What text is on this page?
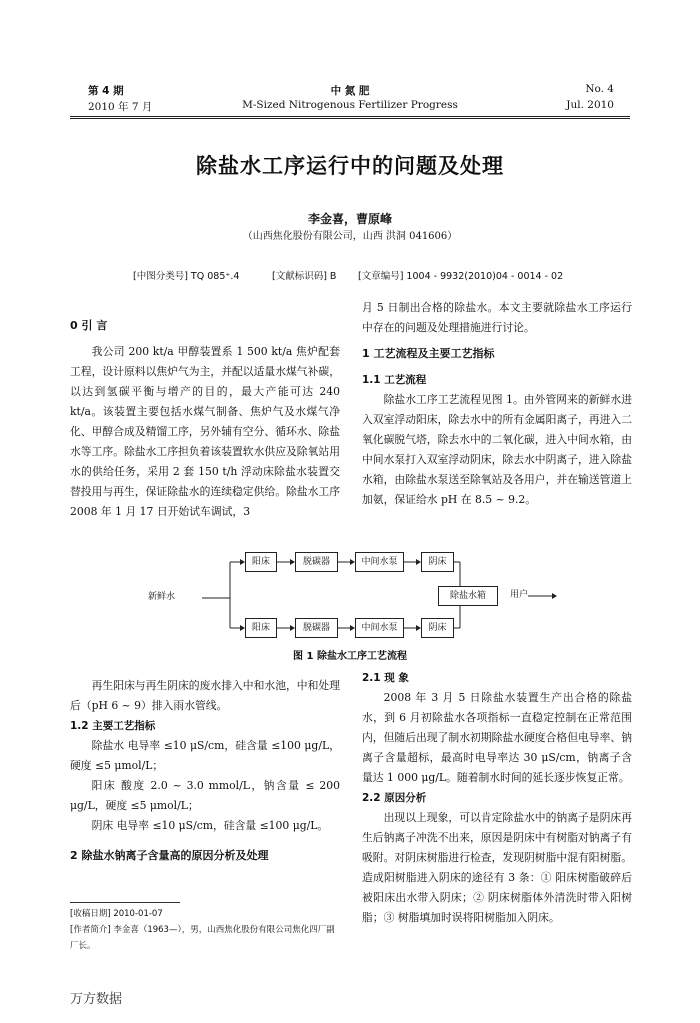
第 4 期
2010 年 7 月
中 氮 肥
M-Sized Nitrogenous Fertilizer Progress
No. 4
Jul. 2010
除盐水工序运行中的问题及处理
李金喜，曹原峰
（山西焦化股份有限公司，山西 洪洞 041606）
[中图分类号] TQ 085⁺.4	[文献标识码] B [文章编号] 1004 - 9932(2010)04 - 0014 - 02
0 引 言

我公司 200 kt/a 甲醇装置系 1 500 kt/a 焦炉配套工程，设计原料以焦炉气为主，并配以适量水煤气补碳，以达到氢碳平衡与增产的目的，最大产能可达 240 kt/a。该装置主要包括水煤气制备、焦炉气及水煤气净化、甲醇合成及精馏工序，另外辅有空分、循环水、除盐水等工序。除盐水工序担负着该装置软水供应及除氧站用水的供给任务，采用 2 套 150 t/h 浮动床除盐水装置交替投用与再生，保证除盐水的连续稳定供给。除盐水工序 2008 年 1 月 17 日开始试车调试，3

月 5 日制出合格的除盐水。本文主要就除盐水工序运行中存在的问题及处理措施进行讨论。

1 工艺流程及主要工艺指标
1.1 工艺流程

除盐水工序工艺流程见图 1。由外管网来的新鲜水进入双室浮动阳床，除去水中的所有金属阳离子，再进入二氧化碳脱气塔，除去水中的二氧化碳，进入中间水箱，由中间水泵打入双室浮动阴床，除去水中阴离子，进入除盐水箱，由除盐水泵送至除氧站及各用户，并在输送管道上加氨，保证给水 pH 在 8.5 ~ 9.2。

新鲜水
阳床	脱碳器	中间水泵	阴床
阳床	脱碳器	中间水泵	阴床
除盐水箱	用户
图 1 除盐水工序工艺流程

再生阳床与再生阴床的废水排入中和水池，中和处理后（pH 6 ~ 9）排入雨水管线。

1.2 主要工艺指标

除盐水 电导率 ≤10 μS/cm，硅含量 ≤100 μg/L，硬度 ≤5 μmol/L；

阳床 酸度 2.0 ~ 3.0 mmol/L，钠含量 ≤ 200 μg/L，硬度 ≤5 μmol/L；

阴床 电导率 ≤10 μS/cm，硅含量 ≤100 μg/L。

2 除盐水钠离子含量高的原因分析及处理
[收稿日期] 2010-01-07
[作者简介] 李金喜（1963—），男，山西焦化股份有限公司焦化四厂副厂长。
2.1 现 象

2008 年 3 月 5 日除盐水装置生产出合格的除盐水，到 6 月初除盐水各项指标一直稳定控制在正常范围内，但随后出现了制水初期除盐水硬度合格但电导率、钠离子含量超标，最高时电导率达 30 μS/cm，钠离子含量达 1 000 μg/L。随着制水时间的延长逐步恢复正常。

2.2 原因分析

出现以上现象，可以肯定除盐水中的钠离子是阴床再生后钠离子冲洗不出来，原因是阴床中有树脂对钠离子有吸附。对阴床树脂进行检查，发现阴树脂中混有阳树脂。造成阳树脂进入阴床的途径有 3 条：① 阳床树脂破碎后被阳床出水带入阴床；② 阴床树脂体外清洗时带入阳树脂；③ 树脂填加时误将阳树脂加入阴床。

万方数据
